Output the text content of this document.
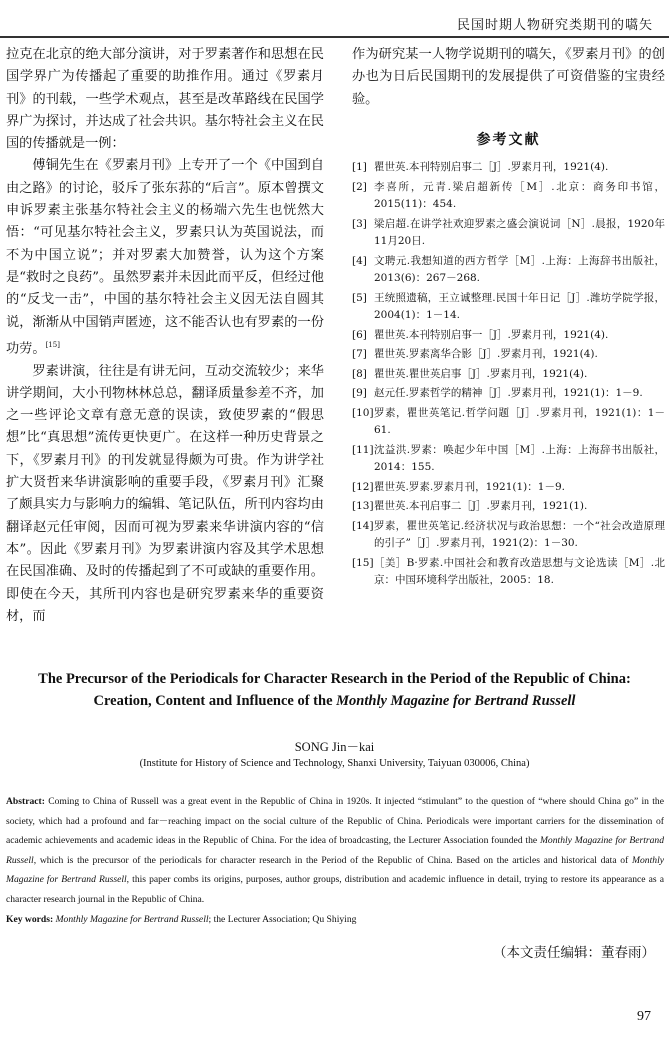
民国时期人物研究类期刊的嚆矢

拉克在北京的绝大部分演讲，对于罗素著作和思想在民国学界广为传播起了重要的助推作用。通过《罗素月刊》的刊载，一些学术观点，甚至是改革路线在民国学界广为探讨，并达成了社会共识。基尔特社会主义在民国的传播就是一例：

傅铜先生在《罗素月刊》上专开了一个《中国到自由之路》的讨论，驳斥了张东荪的“后言”。原本曾撰文申诉罗素主张基尔特社会主义的杨端六先生也恍然大悟：“可见基尔特社会主义，罗素只认为英国说法，而不为中国立说”；并对罗素大加赞誉，认为这个方案是“救时之良药”。虽然罗素并未因此而平反，但经过他的“反戈一击”，中国的基尔特社会主义因无法自圆其说，渐渐从中国销声匿迹，这不能否认也有罗素的一份功劳。[15]

罗素讲演，往往是有讲无问，互动交流较少；来华讲学期间，大小刊物林林总总，翻译质量参差不齐，加之一些评论文章有意无意的误读，致使罗素的“假思想”比“真思想”流传更快更广。在这样一种历史背景之下，《罗素月刊》的刊发就显得颇为可贵。作为讲学社扩大贤哲来华讲演影响的重要手段，《罗素月刊》汇聚了颇具实力与影响力的编辑、笔记队伍，所刊内容均由翻译赵元任审阅，因而可视为罗素来华讲演内容的“信本”。因此《罗素月刊》为罗素讲演内容及其学术思想在民国准确、及时的传播起到了不可或缺的重要作用。即使在今天，其所刊内容也是研究罗素来华的重要资材，而

作为研究某一人物学说期刊的嚆矢，《罗素月刊》的创办也为日后民国期刊的发展提供了可资借鉴的宝贵经验。

参考文献
[1] 瞿世英.本刊特别启事二［J］.罗素月刊，1921(4).
[2] 李喜所，元青.梁启超新传［M］.北京：商务印书馆，2015(11)：454.
[3] 梁启超.在讲学社欢迎罗素之盛会演说词［N］.晨报，1920年11月20日.
[4] 文聘元.我想知道的西方哲学［M］.上海：上海辞书出版社，2013(6)：267－268.
[5] 王统照遗稿，王立诚整理.民国十年日记［J］.潍坊学院学报，2004(1)：1－14.
[6] 瞿世英.本刊特别启事一［J］.罗素月刊，1921(4).
[7] 瞿世英.罗素离华合影［J］.罗素月刊，1921(4).
[8] 瞿世英.瞿世英启事［J］.罗素月刊，1921(4).
[9] 赵元任.罗素哲学的精神［J］.罗素月刊，1921(1)：1－9.
[10] 罗素，瞿世英笔记.哲学问题［J］.罗素月刊，1921(1)：1－61.
[11] 沈益洪.罗素：唤起少年中国［M］.上海：上海辞书出版社，2014：155.
[12] 瞿世英.罗素.罗素月刊，1921(1)：1－9.
[13] 瞿世英.本刊启事二［J］.罗素月刊，1921(1).
[14] 罗素，瞿世英笔记.经济状况与政治思想：一个“社会改造原理的引子”［J］.罗素月刊，1921(2)：1－30.
[15] ［美］B·罗素.中国社会和教育改造思想与文论选读［M］.北京：中国环境科学出版社，2005：18.
The Precursor of the Periodicals for Character Research in the Period of the Republic of China:
Creation, Content and Influence of the Monthly Magazine for Bertrand Russell
SONG Jin－kai
(Institute for History of Science and Technology, Shanxi University, Taiyuan 030006, China)

Abstract: Coming to China of Russell was a great event in the Republic of China in 1920s. It injected “stimulant” to the question of “where should China go” in the society, which had a profound and far－reaching impact on the social culture of the Republic of China. Periodicals were important carriers for the dissemination of academic achievements and academic ideas in the Republic of China. For the idea of broadcasting, the Lecturer Association founded the Monthly Magazine for Bertrand Russell, which is the precursor of the periodicals for character research in the Period of the Republic of China. Based on the articles and historical data of Monthly Magazine for Bertrand Russell, this paper combs its origins, purposes, author groups, distribution and academic influence in detail, trying to restore its appearance as a character research journal in the Republic of China.

Key words: Monthly Magazine for Bertrand Russell; the Lecturer Association; Qu Shiying

（本文责任编辑：董春雨）
97
